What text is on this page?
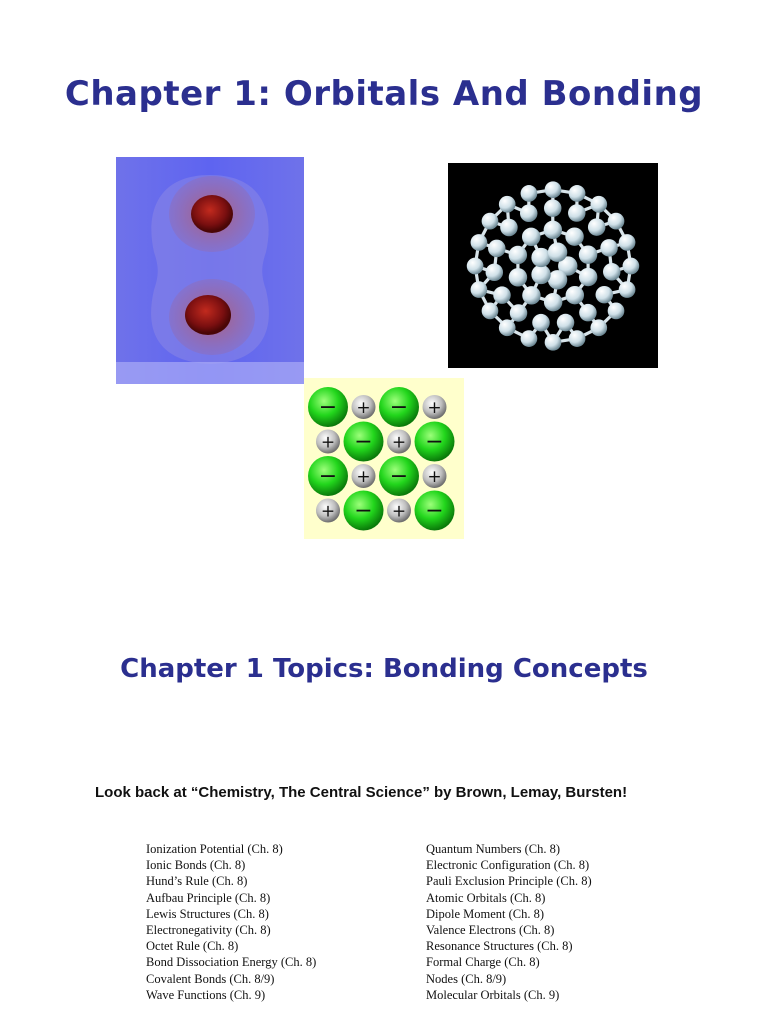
Chapter 1: Orbitals And Bonding
− + − +
+ − + −
− + − +
+ − + −
Chapter 1 Topics: Bonding Concepts
Look back at “Chemistry, The Central Science” by Brown, Lemay, Bursten!
Ionization Potential (Ch. 8)
Ionic Bonds (Ch. 8)
Hund’s Rule (Ch. 8)
Aufbau Principle (Ch. 8)
Lewis Structures (Ch. 8)
Electronegativity (Ch. 8)
Octet Rule (Ch. 8)
Bond Dissociation Energy (Ch. 8)
Covalent Bonds (Ch. 8/9)
Wave Functions (Ch. 9)
Quantum Numbers (Ch. 8)
Electronic Configuration (Ch. 8)
Pauli Exclusion Principle (Ch. 8)
Atomic Orbitals (Ch. 8)
Dipole Moment (Ch. 8)
Valence Electrons (Ch. 8)
Resonance Structures (Ch. 8)
Formal Charge (Ch. 8)
Nodes (Ch. 8/9)
Molecular Orbitals (Ch. 9)
